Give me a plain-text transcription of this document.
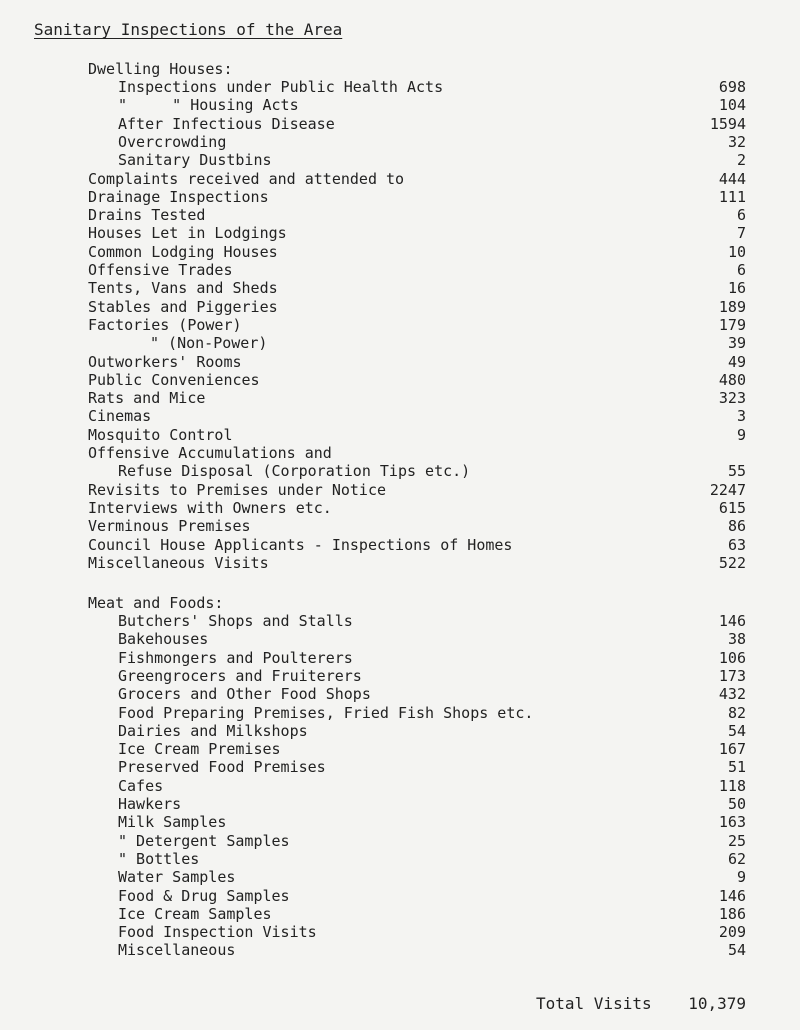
Sanitary Inspections of the Area
Dwelling Houses:
Inspections under Public Health Acts	698
"     " Housing Acts	104
After Infectious Disease	1594
Overcrowding	32
Sanitary Dustbins	2
Complaints received and attended to	444
Drainage Inspections	111
Drains Tested	6
Houses Let in Lodgings	7
Common Lodging Houses	10
Offensive Trades	6
Tents, Vans and Sheds	16
Stables and Piggeries	189
Factories (Power)	179
" (Non-Power)	39
Outworkers' Rooms	49
Public Conveniences	480
Rats and Mice	323
Cinemas	3
Mosquito Control	9
Offensive Accumulations and
Refuse Disposal (Corporation Tips etc.)	55
Revisits to Premises under Notice	2247
Interviews with Owners etc.	615
Verminous Premises	86
Council House Applicants - Inspections of Homes	63
Miscellaneous Visits	522
Meat and Foods:
Butchers' Shops and Stalls	146
Bakehouses	38
Fishmongers and Poulterers	106
Greengrocers and Fruiterers	173
Grocers and Other Food Shops	432
Food Preparing Premises, Fried Fish Shops etc.	82
Dairies and Milkshops	54
Ice Cream Premises	167
Preserved Food Premises	51
Cafes	118
Hawkers	50
Milk Samples	163
" Detergent Samples	25
" Bottles	62
Water Samples	9
Food & Drug Samples	146
Ice Cream Samples	186
Food Inspection Visits	209
Miscellaneous	54
Total Visits 10,379
